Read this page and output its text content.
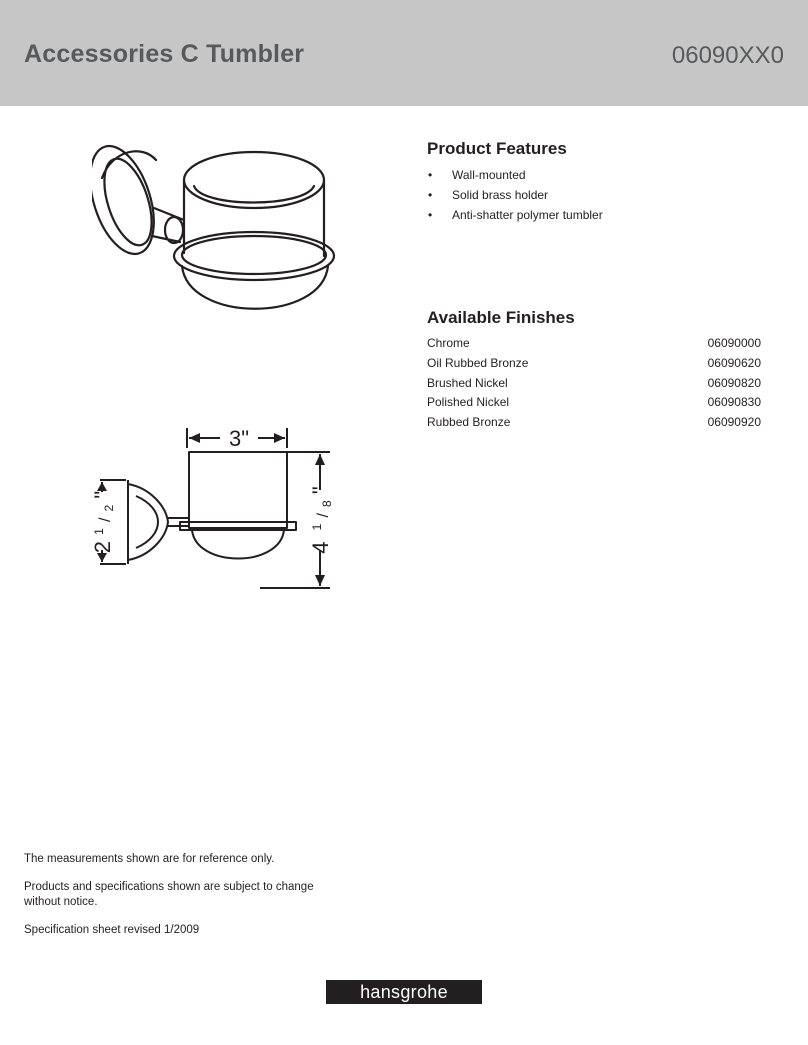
Accessories C Tumbler	06090XX0
3"
4 $^1$ $_/$ 8 "
2 $^1$ $_/$ 2 "
Product Features
• Wall-mounted
• Solid brass holder
• Anti-shatter polymer tumbler
Available Finishes
Chrome	06090000
Oil Rubbed Bronze	06090620
Brushed Nickel	06090820
Polished Nickel	06090830
Rubbed Bronze	06090920

The measurements shown are for reference only.

Products and specifications shown are subject to change without notice.

Specification sheet revised 1/2009

hansgrohe
